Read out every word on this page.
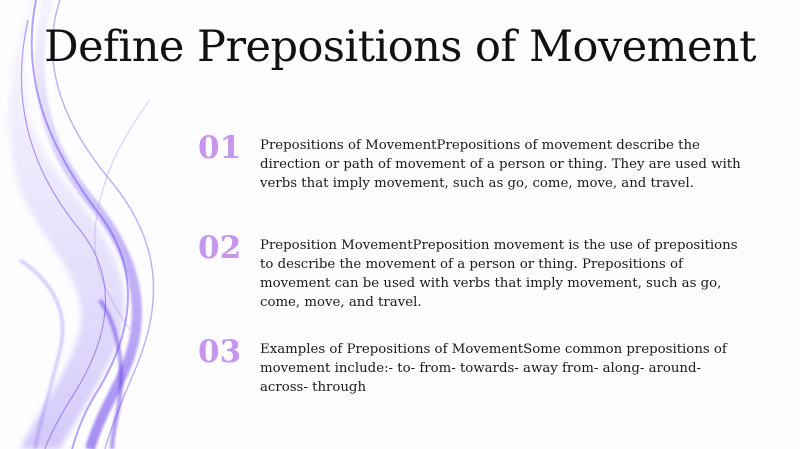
Define Prepositions of Movement
01	Prepositions of MovementPrepositions of movement describe the direction or path of movement of a person or thing. They are used with verbs that imply movement, such as go, come, move, and travel.
02	Preposition MovementPreposition movement is the use of prepositions to describe the movement of a person or thing. Prepositions of movement can be used with verbs that imply movement, such as go, come, move, and travel.
03	Examples of Prepositions of MovementSome common prepositions of movement include:- to- from- towards- away from- along- around- across- through
